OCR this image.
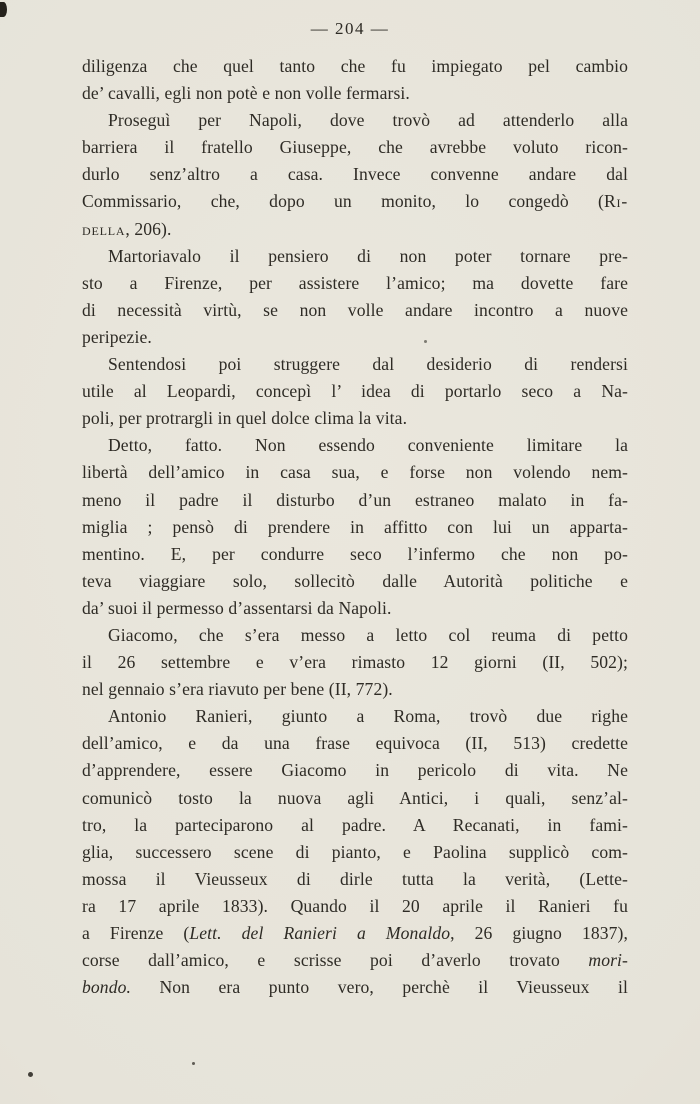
— 204 —
diligenza che quel tanto che fu impiegato pel cambio
de’ cavalli, egli non potè e non volle fermarsi.
Proseguì per Napoli, dove trovò ad attenderlo alla
barriera il fratello Giuseppe, che avrebbe voluto ricon-
durlo senz’altro a casa. Invece convenne andare dal
Commissario, che, dopo un monito, lo congedò (Ri-
della, 206).
Martoriavalo il pensiero di non poter tornare pre-
sto a Firenze, per assistere l’amico; ma dovette fare
di necessità virtù, se non volle andare incontro a nuove
peripezie.
Sentendosi poi struggere dal desiderio di rendersi
utile al Leopardi, concepì l’ idea di portarlo seco a Na-
poli, per protrargli in quel dolce clima la vita.
Detto, fatto. Non essendo conveniente limitare la
libertà dell’amico in casa sua, e forse non volendo nem-
meno il padre il disturbo d’un estraneo malato in fa-
miglia ; pensò di prendere in affitto con lui un apparta-
mentino. E, per condurre seco l’infermo che non po-
teva viaggiare solo, sollecitò dalle Autorità politiche e
da’ suoi il permesso d’assentarsi da Napoli.
Giacomo, che s’era messo a letto col reuma di petto
il 26 settembre e v’era rimasto 12 giorni (II, 502);
nel gennaio s’era riavuto per bene (II, 772).
Antonio Ranieri, giunto a Roma, trovò due righe
dell’amico, e da una frase equivoca (II, 513) credette
d’apprendere, essere Giacomo in pericolo di vita. Ne
comunicò tosto la nuova agli Antici, i quali, senz’al-
tro, la parteciparono al padre. A Recanati, in fami-
glia, successero scene di pianto, e Paolina supplicò com-
mossa il Vieusseux di dirle tutta la verità, (Lette-
ra 17 aprile 1833). Quando il 20 aprile il Ranieri fu
a Firenze (Lett. del Ranieri a Monaldo, 26 giugno 1837),
corse dall’amico, e scrisse poi d’averlo trovato mori-
bondo. Non era punto vero, perchè il Vieusseux il
